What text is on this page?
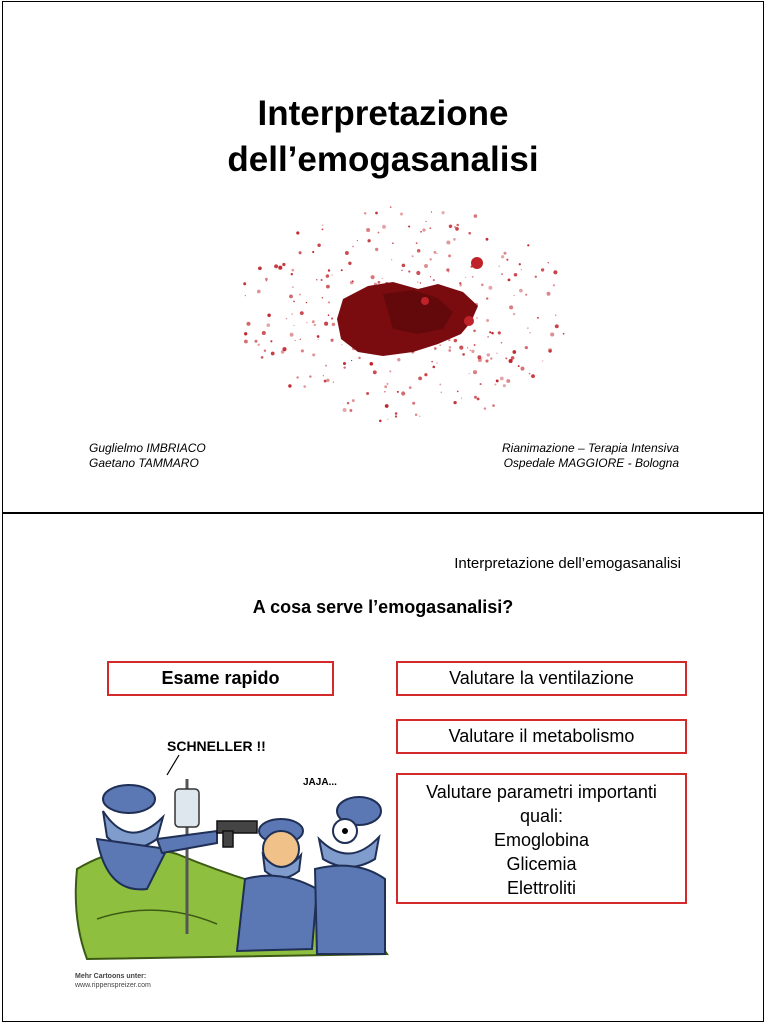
Interpretazione
dell’emogasanalisi
Guglielmo IMBRIACO
Gaetano TAMMARO
Rianimazione – Terapia Intensiva
Ospedale MAGGIORE - Bologna
Interpretazione dell’emogasanalisi
A cosa serve l’emogasanalisi?
Esame rapido	Valutare la ventilazione
Valutare il metabolismo
Valutare parametri importanti
quali:
Emoglobina
Glicemia
Elettroliti
SCHNELLER !!
JAJA...
Mehr Cartoons unter:
www.rippenspreizer.com
